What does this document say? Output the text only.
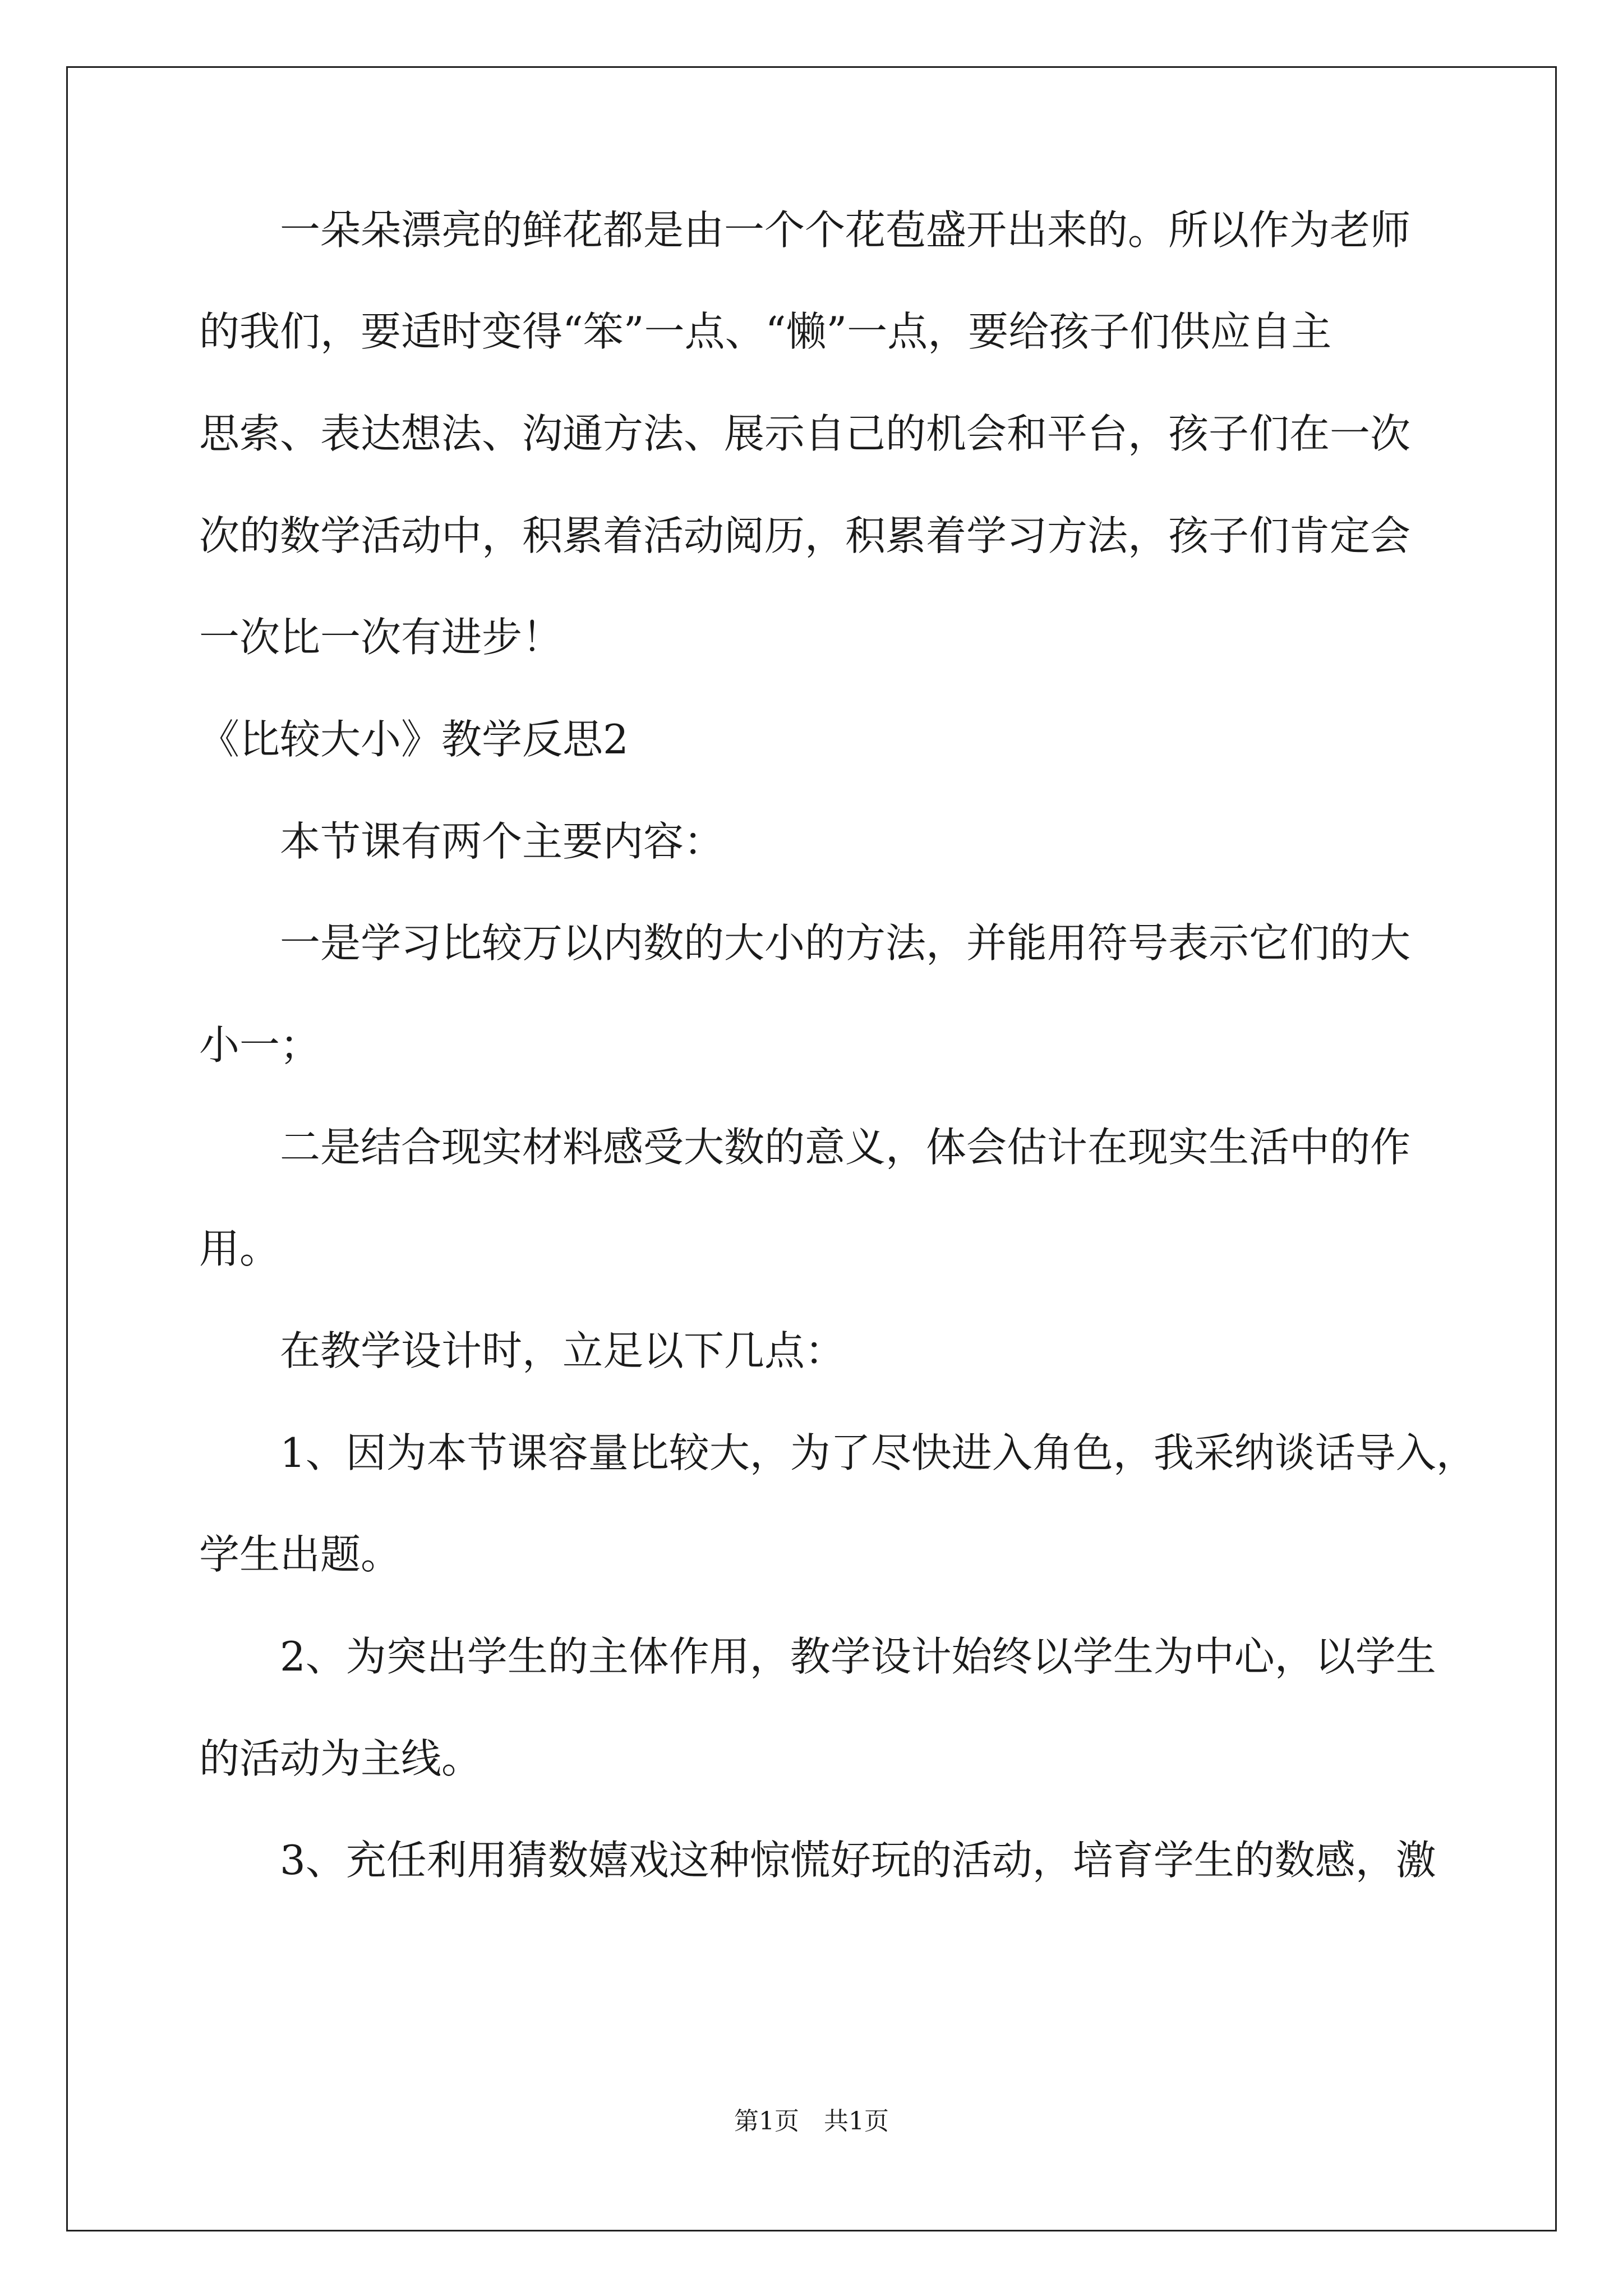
　　一朵朵漂亮的鲜花都是由一个个花苞盛开出来的。所以作为老师
的我们，要适时变得“笨”一点、“懒”一点，要给孩子们供应自主
思索、表达想法、沟通方法、展示自己的机会和平台，孩子们在一次
次的数学活动中，积累着活动阅历，积累着学习方法，孩子们肯定会
一次比一次有进步！
《比较大小》教学反思2
　　本节课有两个主要内容：
　　一是学习比较万以内数的大小的方法，并能用符号表示它们的大
小一；
　　二是结合现实材料感受大数的意义，体会估计在现实生活中的作
用。
　　在教学设计时，立足以下几点：
　　1、因为本节课容量比较大，为了尽快进入角色，我采纳谈话导入，
学生出题。
　　2、为突出学生的主体作用，教学设计始终以学生为中心，以学生
的活动为主线。
　　3、充任利用猜数嬉戏这种惊慌好玩的活动，培育学生的数感，激
第1页　共1页
